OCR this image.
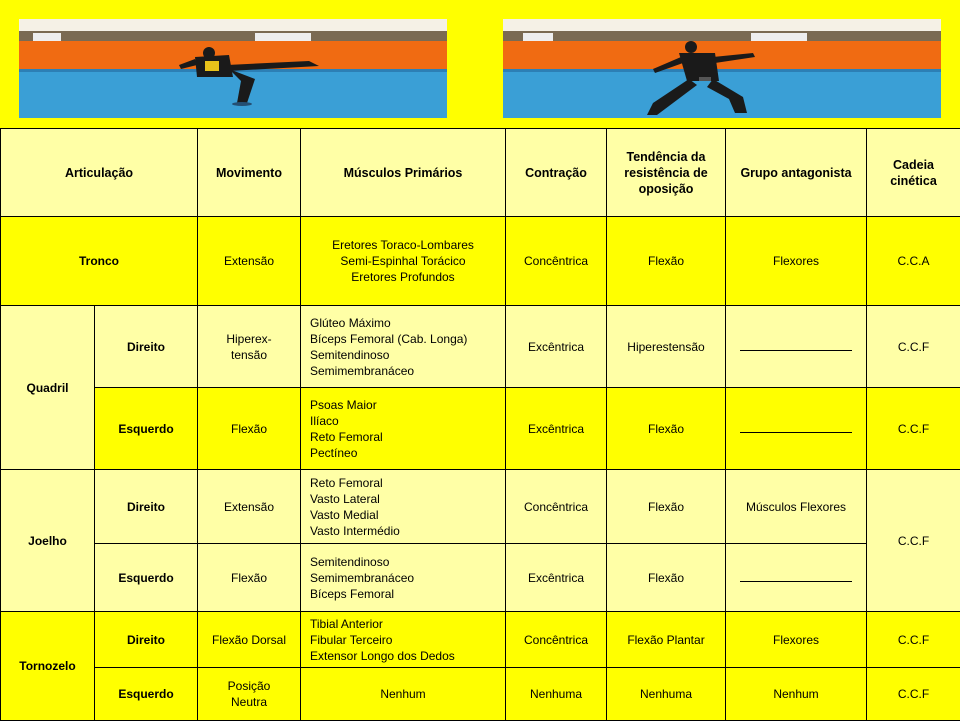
Articulação		Movimento	Músculos Primários	Contração	Tendência da resistência de oposição	Grupo antagonista	Cadeia cinética
Tronco		Extensão	Eretores Toraco-Lombares
Semi-Espinhal Torácico
Eretores Profundos	Concêntrica	Flexão	Flexores	C.C.A
Quadril	Direito	Hiperex-
tensão	Glúteo Máximo
Bíceps Femoral (Cab. Longa)
Semitendinoso
Semimembranáceo	Excêntrica	Hiperestensão		C.C.F
	Esquerdo	Flexão	Psoas Maior
Ilíaco
Reto Femoral
Pectíneo	Excêntrica	Flexão		C.C.F
Joelho	Direito	Extensão	Reto Femoral
Vasto Lateral
Vasto Medial
Vasto Intermédio	Concêntrica	Flexão	Músculos Flexores	C.C.F
	Esquerdo	Flexão	Semitendinoso
Semimembranáceo
Bíceps Femoral	Excêntrica	Flexão		
Tornozelo	Direito	Flexão Dorsal	Tibial Anterior
Fibular Terceiro
Extensor Longo dos Dedos	Concêntrica	Flexão Plantar	Flexores	C.C.F
	Esquerdo	Posição
Neutra	Nenhum	Nenhuma	Nenhuma	Nenhum	C.C.F
